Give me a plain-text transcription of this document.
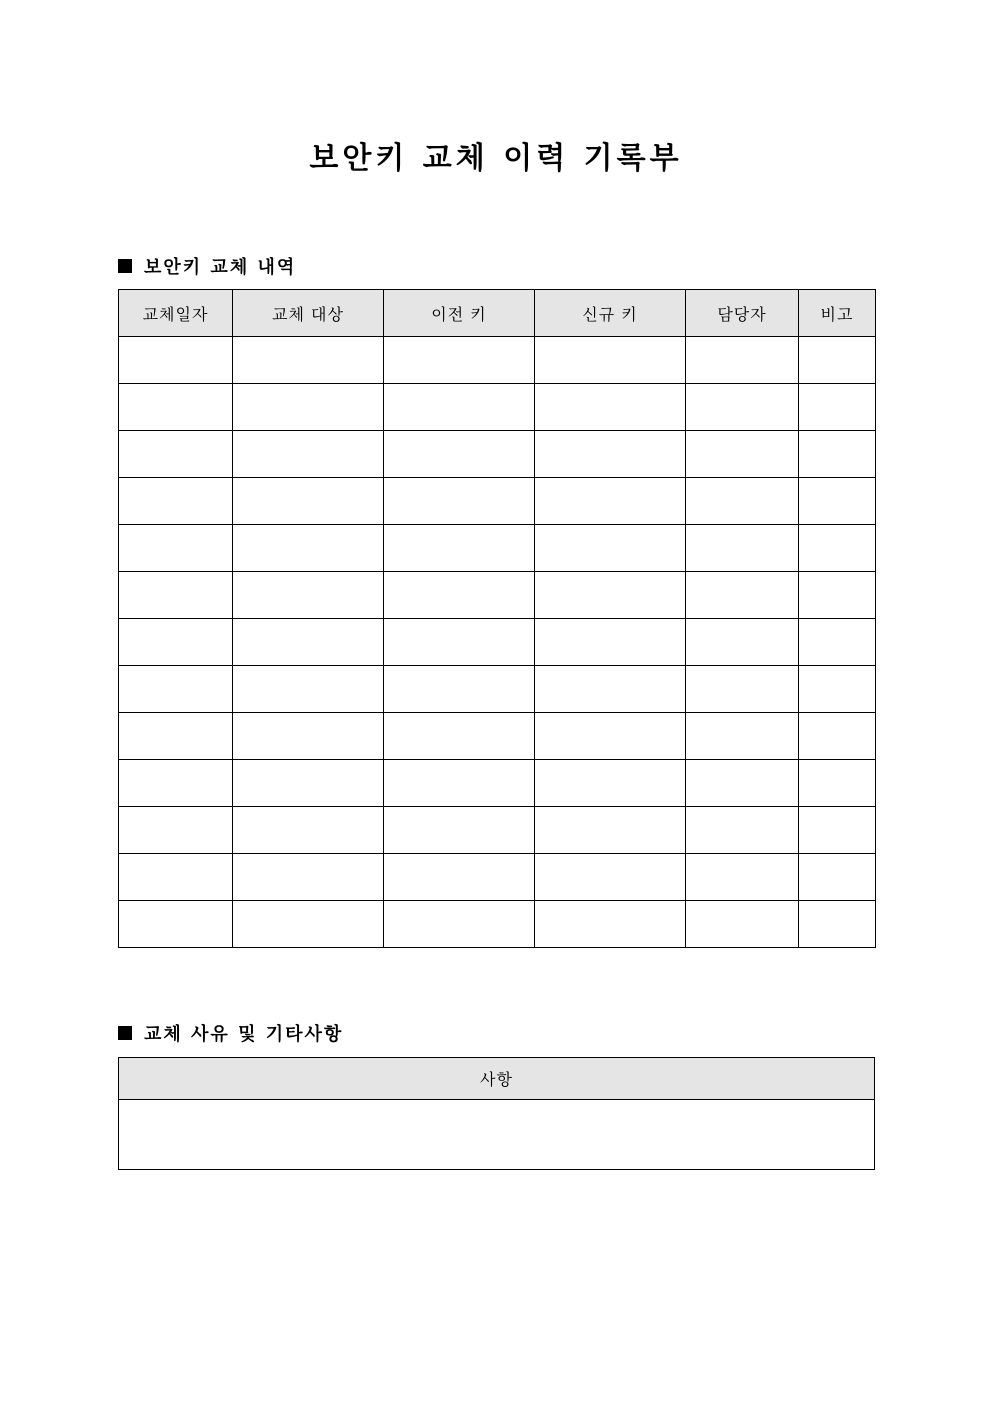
보안키 교체 이력 기록부
보안키 교체 내역
교체일자	교체 대상	이전 키	신규 키	담당자	비고

교체 사유 및 기타사항
사항
